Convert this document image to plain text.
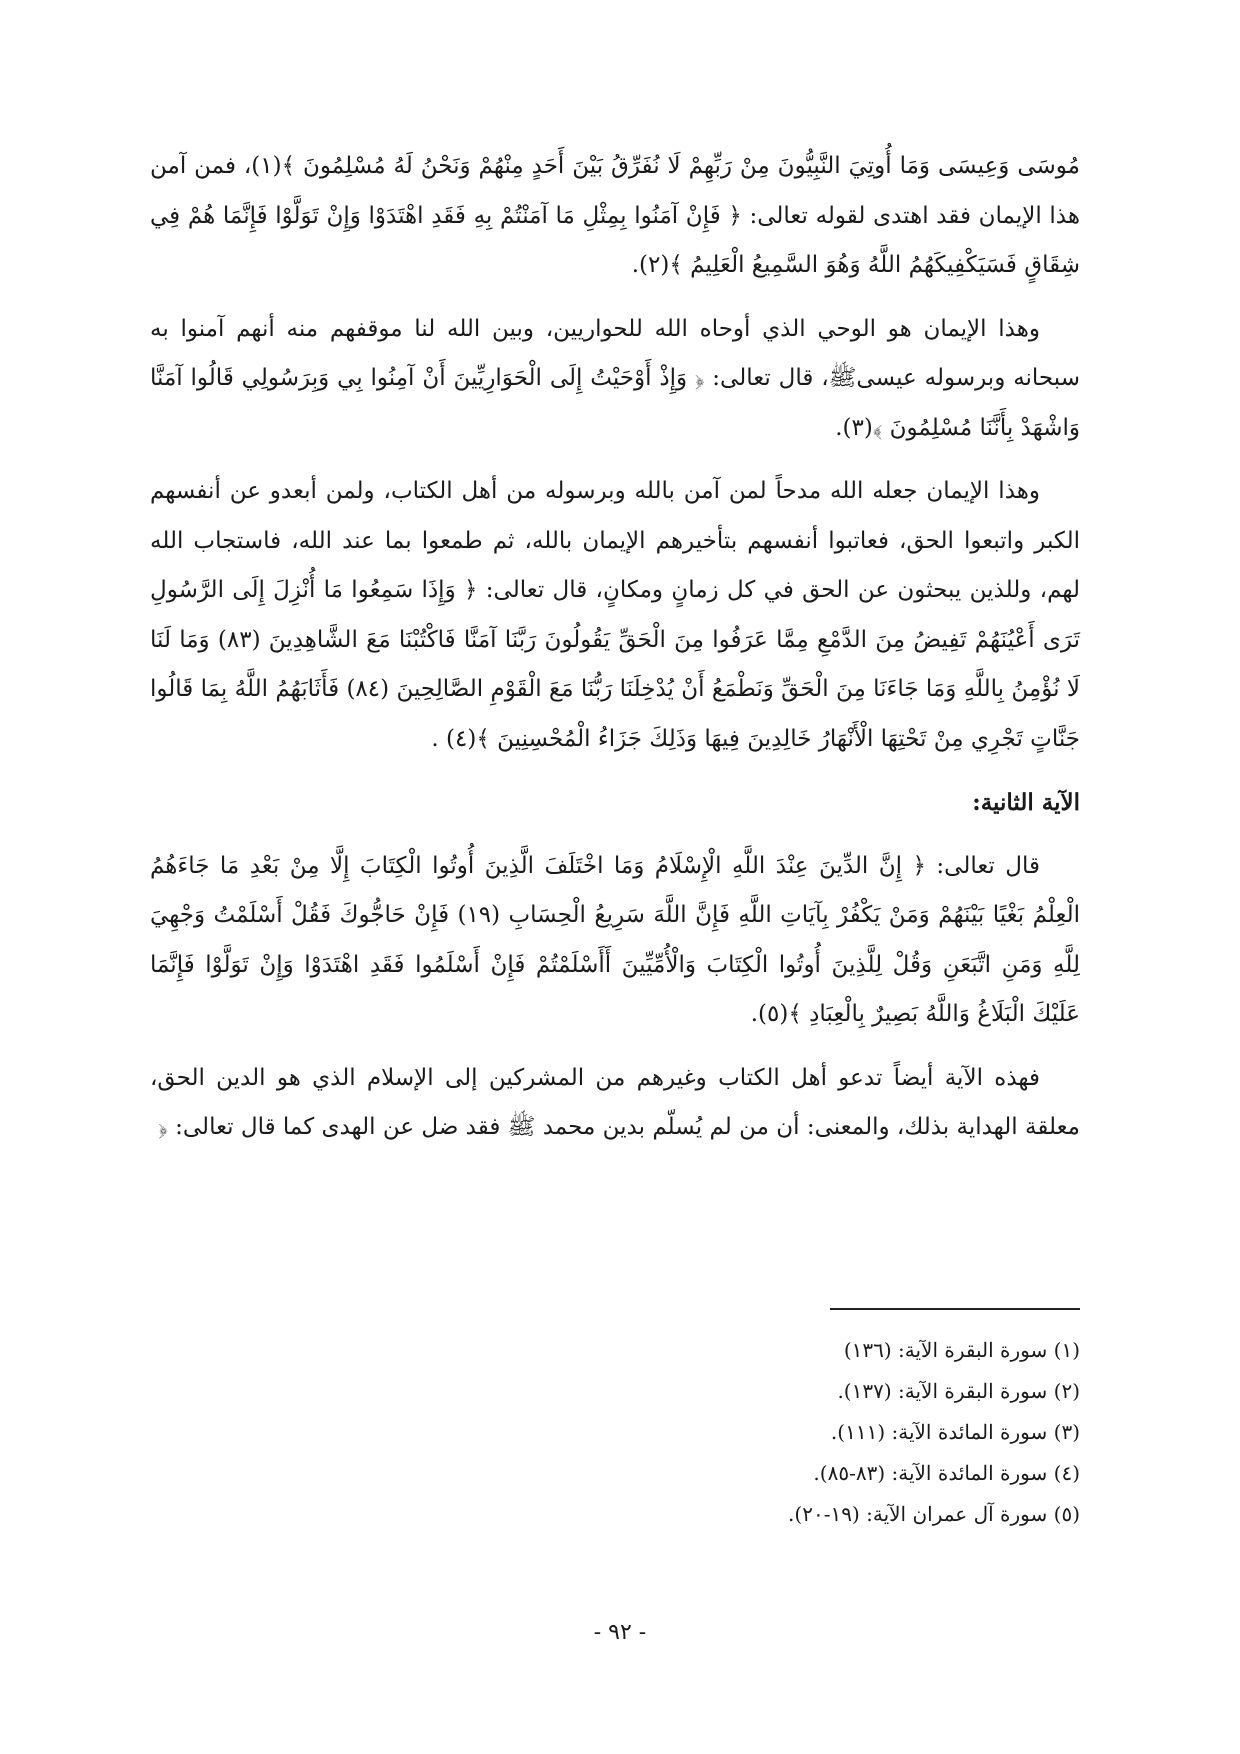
مُوسَى وَعِيسَى وَمَا أُوتِيَ النَّبِيُّونَ مِنْ رَبِّهِمْ لَا نُفَرِّقُ بَيْنَ أَحَدٍ مِنْهُمْ وَنَحْنُ لَهُ مُسْلِمُونَ ﴾(١)، فمن آمن هذا الإيمان فقد اهتدى لقوله تعالى: ﴿ فَإِنْ آمَنُوا بِمِثْلِ مَا آمَنْتُمْ بِهِ فَقَدِ اهْتَدَوْا وَإِنْ تَوَلَّوْا فَإِنَّمَا هُمْ فِي شِقَاقٍ فَسَيَكْفِيكَهُمُ اللَّهُ وَهُوَ السَّمِيعُ الْعَلِيمُ ﴾(٢).

وهذا الإيمان هو الوحي الذي أوحاه الله للحواريين، وبين الله لنا موقفهم منه أنهم آمنوا به سبحانه وبرسوله عيسىﷺ، قال تعالى: ﴿ وَإِذْ أَوْحَيْتُ إِلَى الْحَوَارِيِّينَ أَنْ آمِنُوا بِي وَبِرَسُولِي قَالُوا آمَنَّا وَاشْهَدْ بِأَنَّنَا مُسْلِمُونَ ﴾(٣).

وهذا الإيمان جعله الله مدحاً لمن آمن بالله وبرسوله من أهل الكتاب، ولمن أبعدو عن أنفسهم الكبر واتبعوا الحق، فعاتبوا أنفسهم بتأخيرهم الإيمان بالله، ثم طمعوا بما عند الله، فاستجاب الله لهم، وللذين يبحثون عن الحق في كل زمانٍ ومكانٍ، قال تعالى: ﴿ وَإِذَا سَمِعُوا مَا أُنْزِلَ إِلَى الرَّسُولِ تَرَى أَعْيُنَهُمْ تَفِيضُ مِنَ الدَّمْعِ مِمَّا عَرَفُوا مِنَ الْحَقِّ يَقُولُونَ رَبَّنَا آمَنَّا فَاكْتُبْنَا مَعَ الشَّاهِدِينَ (٨٣) وَمَا لَنَا لَا نُؤْمِنُ بِاللَّهِ وَمَا جَاءَنَا مِنَ الْحَقِّ وَنَطْمَعُ أَنْ يُدْخِلَنَا رَبُّنَا مَعَ الْقَوْمِ الصَّالِحِينَ (٨٤) فَأَثَابَهُمُ اللَّهُ بِمَا قَالُوا جَنَّاتٍ تَجْرِي مِنْ تَحْتِهَا الْأَنْهَارُ خَالِدِينَ فِيهَا وَذَلِكَ جَزَاءُ الْمُحْسِنِينَ ﴾(٤) .

الآية الثانية:

قال تعالى: ﴿ إِنَّ الدِّينَ عِنْدَ اللَّهِ الْإِسْلَامُ وَمَا اخْتَلَفَ الَّذِينَ أُوتُوا الْكِتَابَ إِلَّا مِنْ بَعْدِ مَا جَاءَهُمُ الْعِلْمُ بَغْيًا بَيْنَهُمْ وَمَنْ يَكْفُرْ بِآيَاتِ اللَّهِ فَإِنَّ اللَّهَ سَرِيعُ الْحِسَابِ (١٩) فَإِنْ حَاجُّوكَ فَقُلْ أَسْلَمْتُ وَجْهِيَ لِلَّهِ وَمَنِ اتَّبَعَنِ وَقُلْ لِلَّذِينَ أُوتُوا الْكِتَابَ وَالْأُمِّيِّينَ أَأَسْلَمْتُمْ فَإِنْ أَسْلَمُوا فَقَدِ اهْتَدَوْا وَإِنْ تَوَلَّوْا فَإِنَّمَا عَلَيْكَ الْبَلَاغُ وَاللَّهُ بَصِيرٌ بِالْعِبَادِ ﴾(٥).

فهذه الآية أيضاً تدعو أهل الكتاب وغيرهم من المشركين إلى الإسلام الذي هو الدين الحق، معلقة الهداية بذلك، والمعنى: أن من لم يُسلّم بدين محمد ﷺ فقد ضل عن الهدى كما قال تعالى: ﴿

(١) سورة البقرة الآية: (١٣٦)
(٢) سورة البقرة الآية: (١٣٧).
(٣) سورة المائدة الآية: (١١١).
(٤) سورة المائدة الآية: (٨٣-٨٥).
(٥) سورة آل عمران الآية: (١٩-٢٠).
- ٩٢ -
